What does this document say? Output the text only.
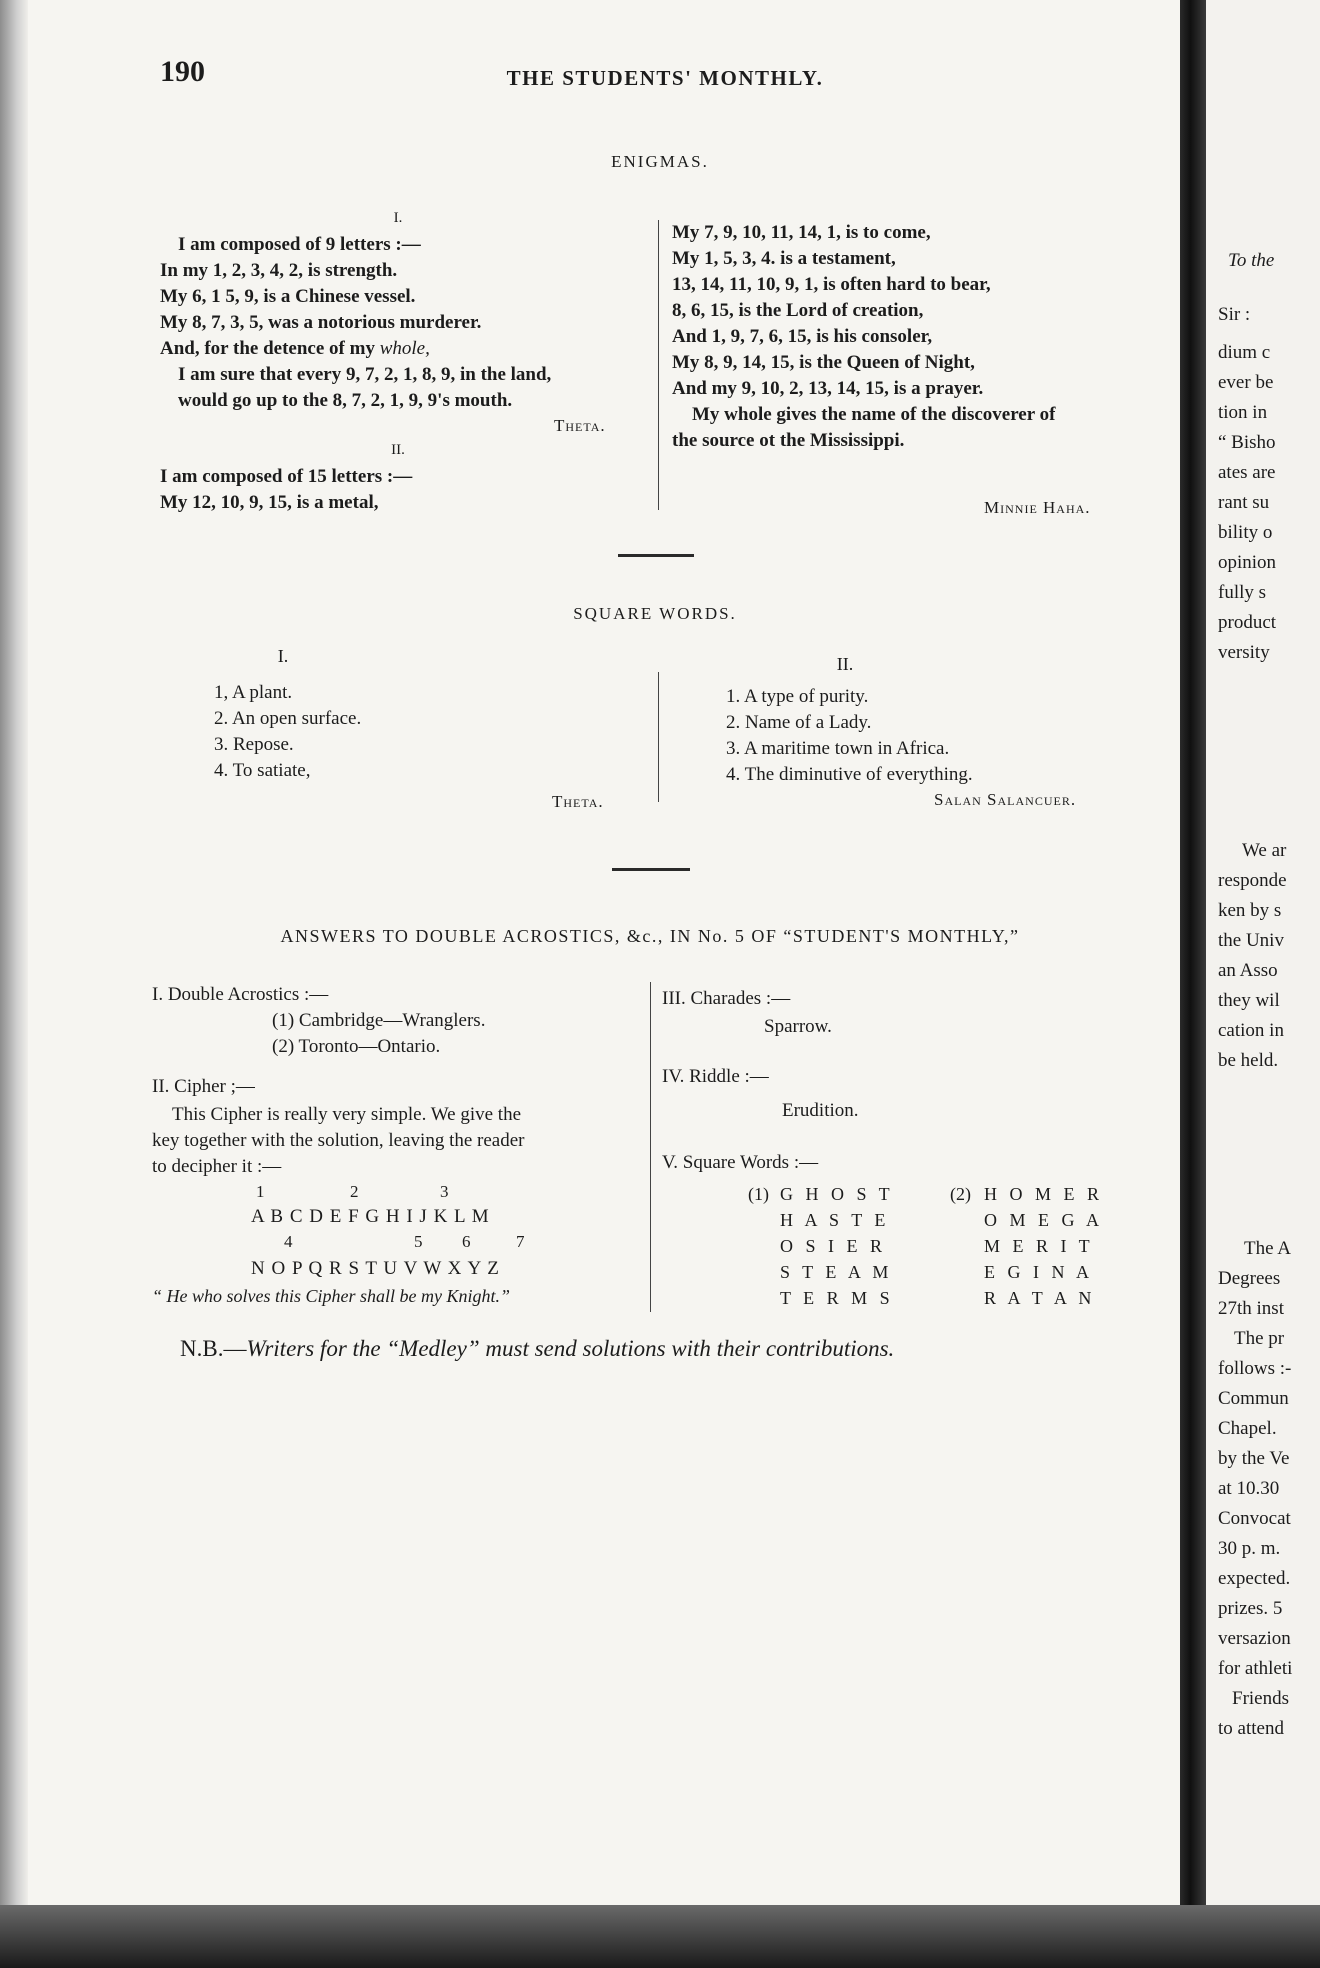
To the
Sir :
dium c
ever be
tion in
“ Bisho
ates are
rant su
bility o
opinion
fully s
product
versity
We ar
responde
ken by s
the Univ
an Asso
they wil
cation in
be held.
The A
Degrees
27th inst
The pr
follows :-
Commun
Chapel.
by the Ve
at 10.30
Convocat
30 p. m.
expected.
prizes. 5
versazion
for athleti
Friends
to attend
190	THE STUDENTS' MONTHLY.
ENIGMAS.
I.
I am composed of 9 letters :—
In my 1, 2, 3, 4, 2, is strength.
My 6, 1 5, 9, is a Chinese vessel.
My 8, 7, 3, 5, was a notorious murderer.
And, for the detence of my whole,
I am sure that every 9, 7, 2, 1, 8, 9, in the land,
would go up to the 8, 7, 2, 1, 9, 9's mouth.
Theta.
II.
I am composed of 15 letters :—
My 12, 10, 9, 15, is a metal,
My 7, 9, 10, 11, 14, 1, is to come,
My 1, 5, 3, 4. is a testament,
13, 14, 11, 10, 9, 1, is often hard to bear,
8, 6, 15, is the Lord of creation,
And 1, 9, 7, 6, 15, is his consoler,
My 8, 9, 14, 15, is the Queen of Night,
And my 9, 10, 2, 13, 14, 15, is a prayer.
My whole gives the name of the discoverer of
the source ot the Mississippi.
Minnie Haha.
SQUARE WORDS.
I.
1, A plant.
2. An open surface.
3. Repose.
4. To satiate,
Theta.
II.
1. A type of purity.
2. Name of a Lady.
3. A maritime town in Africa.
4. The diminutive of everything.
Salan Salancuer.
ANSWERS TO DOUBLE ACROSTICS, &c., IN No. 5 OF “STUDENT'S MONTHLY,”
I. Double Acrostics :—
(1) Cambridge—Wranglers.
(2) Toronto—Ontario.
II. Cipher ;—
This Cipher is really very simple. We give the
key together with the solution, leaving the reader
to decipher it :—
1	2	3
A B C D E F G H I J K L M
4	5 6	7
N O P Q R S T U V W X Y Z
“ He who solves this Cipher shall be my Knight.”
III. Charades :—
Sparrow.
IV. Riddle :—
Erudition.
V. Square Words :—
(1) G H O S T
H A S T E
O S I E R
S T E A M
T E R M S
(2) H O M E R
O M E G A
M E R I T
E G I N A
R A T A N
N.B.—Writers for the “Medley” must send solutions with their contributions.
